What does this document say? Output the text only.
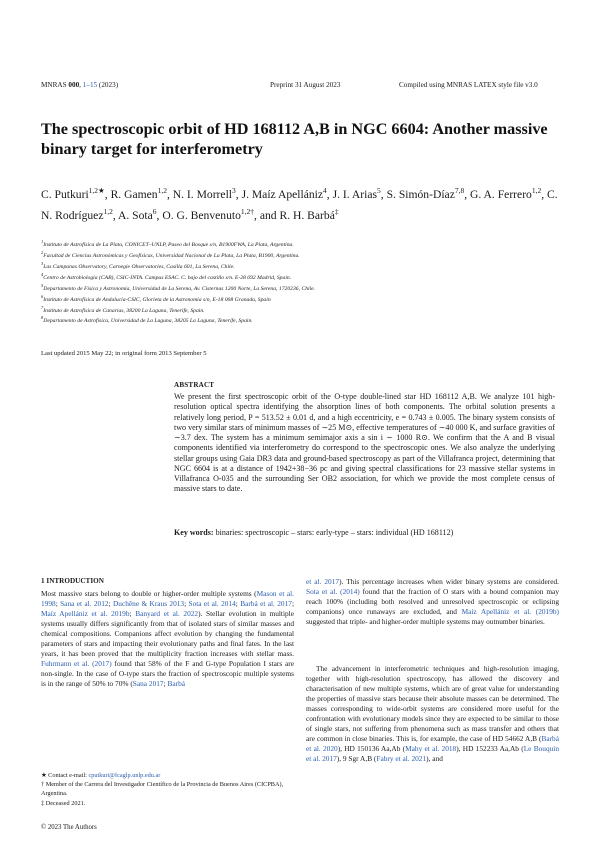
MNRAS 000, 1–15 (2023)	Preprint 31 August 2023	Compiled using MNRAS LATEX style file v3.0
The spectroscopic orbit of HD 168112 A,B in NGC 6604: Another massive binary target for interferometry
C. Putkuri$^{1,2★}$, R. Gamen$^{1,2}$, N. I. Morrell$^3$, J. Maíz Apellániz$^4$, J. I. Arias$^5$, S. Simón-Díaz$^{7,8}$, G. A. Ferrero$^{1,2}$, C. N. Rodríguez$^{1,2}$, A. Sota$^6$, O. G. Benvenuto$^{1,2\dagger}$, and R. H. Barbá‡
$^1$Instituto de Astrofísica de La Plata, CONICET–UNLP, Paseo del Bosque s/n, B1900FWA, La Plata, Argentina.
$^2$Facultad de Ciencias Astronómicas y Geofísicas, Universidad Nacional de La Plata, La Plata, B1900, Argentina.
$^3$Las Campanas Observatory, Carnegie Observatories, Casilla 601, La Serena, Chile.
$^4$Centro de Astrobiología (CAB), CSIC-INTA. Campus ESAC. C. bajo del castillo s/n. E-28 692 Madrid, Spain.
$^5$Departamento de Física y Astronomía, Universidad de La Serena, Av. Cisternas 1200 Norte, La Serena, 1720236, Chile.
$^6$Instituto de Astrofísica de Andalucía-CSIC, Glorieta de la Astronomía s/n, E-18 008 Granada, Spain
$^7$Instituto de Astrofísica de Canarias, 38200 La Laguna, Tenerife, Spain.
$^8$Departamento de Astrofísica, Universidad de La Laguna, 38205 La Laguna, Tenerife, Spain.
Last updated 2015 May 22; in original form 2013 September 5
ABSTRACT
We present the first spectroscopic orbit of the O-type double-lined star HD 168112 A,B. We analyze 101 high-resolution optical spectra identifying the absorption lines of both components. The orbital solution presents a relatively long period, P = 513.52 ± 0.01 d, and a high eccentricity, e = 0.743 ± 0.005. The binary system consists of two very similar stars of minimum masses of ∼25 M⊙, effective temperatures of ∼40 000 K, and surface gravities of ∼3.7 dex. The system has a minimum semimajor axis a sin i ∼ 1000 R⊙. We confirm that the A and B visual components identified via interferometry do correspond to the spectroscopic ones. We also analyze the underlying stellar groups using Gaia DR3 data and ground-based spectroscopy as part of the Villafranca project, determining that NGC 6604 is at a distance of 1942+38−36 pc and giving spectral classifications for 23 massive stellar systems in Villafranca O-035 and the surrounding Ser OB2 association, for which we provide the most complete census of massive stars to date.
Key words: binaries: spectroscopic – stars: early-type – stars: individual (HD 168112)
1 INTRODUCTION

Most massive stars belong to double or higher-order multiple systems (Mason et al. 1998; Sana et al. 2012; Duchêne & Kraus 2013; Sota et al. 2014; Barbá et al. 2017; Maíz Apellániz et al. 2019b; Banyard et al. 2022). Stellar evolution in multiple systems usually differs significantly from that of isolated stars of similar masses and chemical compositions. Companions affect evolution by changing the fundamental parameters of stars and impacting their evolutionary paths and final fates. In the last years, it has been proved that the multiplicity fraction increases with stellar mass. Fuhrmann et al. (2017) found that 58% of the F and G-type Population I stars are non-single. In the case of O-type stars the fraction of spectroscopic multiple systems is in the range of 50% to 70% (Sana 2017; Barbá

et al. 2017). This percentage increases when wider binary systems are considered. Sota et al. (2014) found that the fraction of O stars with a bound companion may reach 100% (including both resolved and unresolved spectroscopic or eclipsing companions) once runaways are excluded, and Maíz Apellániz et al. (2019b) suggested that triple- and higher-order multiple systems may outnumber binaries.

The advancement in interferometric techniques and high-resolution imaging, together with high-resolution spectroscopy, has allowed the discovery and characterisation of new multiple systems, which are of great value for understanding the properties of massive stars because their absolute masses can be determined. The masses corresponding to wide-orbit systems are considered more useful for the confrontation with evolutionary models since they are expected to be similar to those of single stars, not suffering from phenomena such as mass transfer and others that are common in close binaries. This is, for example, the case of HD 54662 A,B (Barbá et al. 2020), HD 150136 Aa,Ab (Mahy et al. 2018), HD 152233 Aa,Ab (Le Bouquin et al. 2017), 9 Sgr A,B (Fabry et al. 2021), and

★ Contact e-mail: cputkuri@fcaglp.unlp.edu.ar
† Member of the Carrera del Investigador Científico de la Provincia de Buenos Aires (CICPBA), Argentina.
‡ Deceased 2021.
© 2023 The Authors
